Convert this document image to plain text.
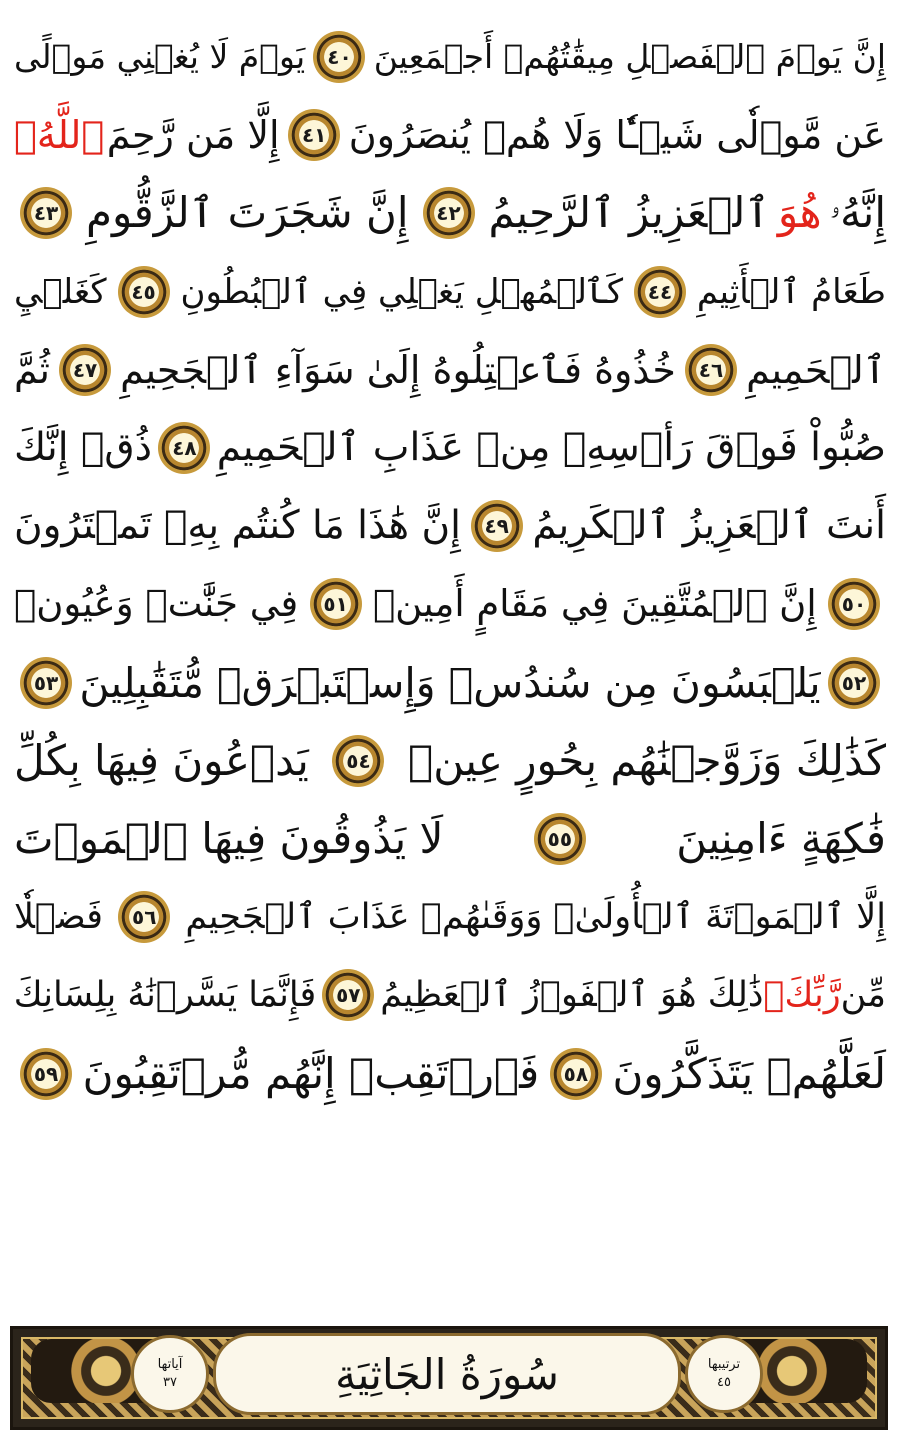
إِنَّ يَوۡمَ ٱلۡفَصۡلِ مِيقَٰتُهُمۡ أَجۡمَعِينَ
٤٠
يَوۡمَ لَا يُغۡنِي مَوۡلًى
عَن مَّوۡلٗى شَيۡـٔٗا وَلَا هُمۡ يُنصَرُونَ
٤١
إِلَّا مَن رَّحِمَ
ٱللَّهُۚ
إِنَّهُۥ
هُوَ
ٱلۡعَزِيزُ ٱلرَّحِيمُ
٤٢
إِنَّ شَجَرَتَ ٱلزَّقُّومِ
٤٣
طَعَامُ ٱلۡأَثِيمِ
٤٤
كَٱلۡمُهۡلِ يَغۡلِي فِي ٱلۡبُطُونِ
٤٥
كَغَلۡيِ
ٱلۡحَمِيمِ
٤٦
خُذُوهُ فَٱعۡتِلُوهُ إِلَىٰ سَوَآءِ ٱلۡجَحِيمِ
٤٧
ثُمَّ
صُبُّواْ فَوۡقَ رَأۡسِهِۦ مِنۡ عَذَابِ ٱلۡحَمِيمِ
٤٨
ذُقۡ إِنَّكَ
أَنتَ ٱلۡعَزِيزُ ٱلۡكَرِيمُ
٤٩
إِنَّ هَٰذَا مَا كُنتُم بِهِۦ تَمۡتَرُونَ
٥٠
إِنَّ ٱلۡمُتَّقِينَ فِي مَقَامٍ أَمِينٖ
٥١
فِي جَنَّٰتٖ وَعُيُونٖ
٥٢
يَلۡبَسُونَ مِن سُندُسٖ وَإِسۡتَبۡرَقٖ مُّتَقَٰبِلِينَ
٥٣
كَذَٰلِكَ وَزَوَّجۡنَٰهُم بِحُورٍ عِينٖ
٥٤
يَدۡعُونَ فِيهَا بِكُلِّ
فَٰكِهَةٍ ءَامِنِينَ
٥٥
لَا يَذُوقُونَ فِيهَا ٱلۡمَوۡتَ
إِلَّا ٱلۡمَوۡتَةَ ٱلۡأُولَىٰۖ وَوَقَىٰهُمۡ عَذَابَ ٱلۡجَحِيمِ
٥٦
فَضۡلٗا
مِّن
رَّبِّكَۚ
ذَٰلِكَ هُوَ ٱلۡفَوۡزُ ٱلۡعَظِيمُ
٥٧
فَإِنَّمَا يَسَّرۡنَٰهُ بِلِسَانِكَ
لَعَلَّهُمۡ يَتَذَكَّرُونَ
٥٨
فَٱرۡتَقِبۡ إِنَّهُم مُّرۡتَقِبُونَ
٥٩
آياتها
٣٧	سُورَةُ الجَاثِيَةِ	ترتيبها
٤٥
